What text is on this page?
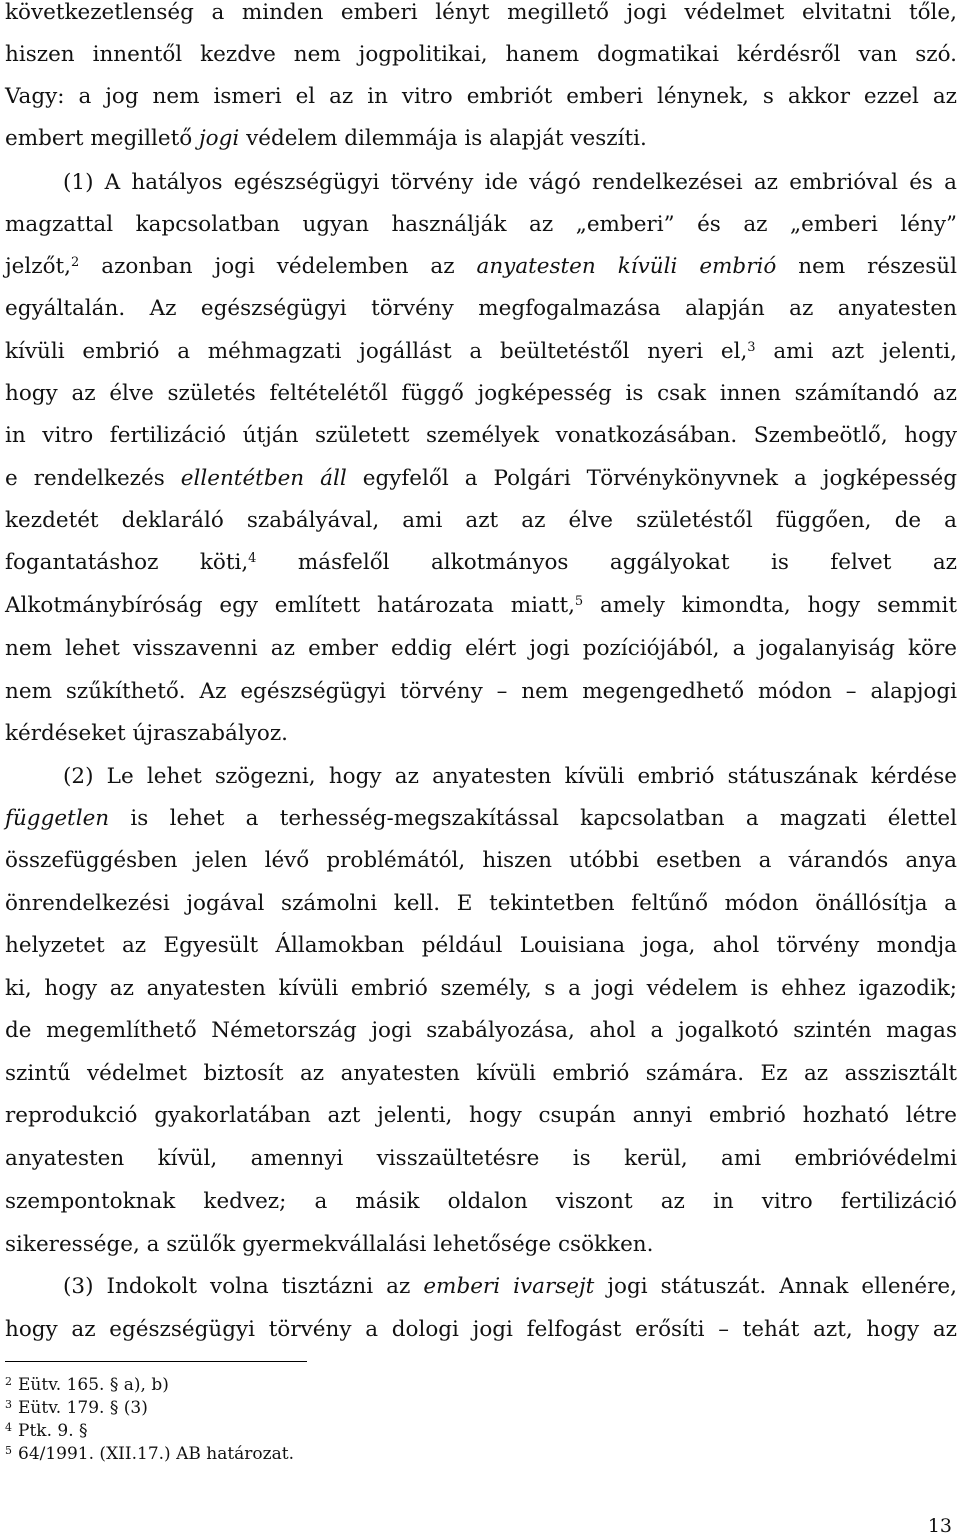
következetlenség a minden emberi lényt megillető jogi védelmet elvitatni tőle,
hiszen innentől kezdve nem jogpolitikai, hanem dogmatikai kérdésről van szó.
Vagy: a jog nem ismeri el az in vitro embriót emberi lénynek, s akkor ezzel az
embert megillető jogi védelem dilemmája is alapját veszíti.
(1) A hatályos egészségügyi törvény ide vágó rendelkezései az embrióval és a
magzattal kapcsolatban ugyan használják az „emberi” és az „emberi lény”
jelzőt,$^2$ azonban jogi védelemben az anyatesten kívüli embrió nem részesül
egyáltalán. Az egészségügyi törvény megfogalmazása alapján az anyatesten
kívüli embrió a méhmagzati jogállást a beültetéstől nyeri el,$^3$ ami azt jelenti,
hogy az élve születés feltételétől függő jogképesség is csak innen számítandó az
in vitro fertilizáció útján született személyek vonatkozásában. Szembeötlő, hogy
e rendelkezés ellentétben áll egyfelől a Polgári Törvénykönyvnek a jogképesség
kezdetét deklaráló szabályával, ami azt az élve születéstől függően, de a
fogantatáshoz köti,$^4$ másfelől alkotmányos aggályokat is felvet az
Alkotmánybíróság egy említett határozata miatt,$^5$ amely kimondta, hogy semmit
nem lehet visszavenni az ember eddig elért jogi pozíciójából, a jogalanyiság köre
nem szűkíthető. Az egészségügyi törvény – nem megengedhető módon – alapjogi
kérdéseket újraszabályoz.
(2) Le lehet szögezni, hogy az anyatesten kívüli embrió státuszának kérdése
független is lehet a terhesség-megszakítással kapcsolatban a magzati élettel
összefüggésben jelen lévő problémától, hiszen utóbbi esetben a várandós anya
önrendelkezési jogával számolni kell. E tekintetben feltűnő módon önállósítja a
helyzetet az Egyesült Államokban például Louisiana joga, ahol törvény mondja
ki, hogy az anyatesten kívüli embrió személy, s a jogi védelem is ehhez igazodik;
de megemlíthető Németország jogi szabályozása, ahol a jogalkotó szintén magas
szintű védelmet biztosít az anyatesten kívüli embrió számára. Ez az asszisztált
reprodukció gyakorlatában azt jelenti, hogy csupán annyi embrió hozható létre
anyatesten kívül, amennyi visszaültetésre is kerül, ami embrióvédelmi
szempontoknak kedvez; a másik oldalon viszont az in vitro fertilizáció
sikeressége, a szülők gyermekvállalási lehetősége csökken.
(3) Indokolt volna tisztázni az emberi ivarsejt jogi státuszát. Annak ellenére,
hogy az egészségügyi törvény a dologi jogi felfogást erősíti – tehát azt, hogy az
$^2$ Eütv. 165. § a), b)
$^3$ Eütv. 179. § (3)
$^4$ Ptk. 9. §
$^5$ 64/1991. (XII.17.) AB határozat.
13
